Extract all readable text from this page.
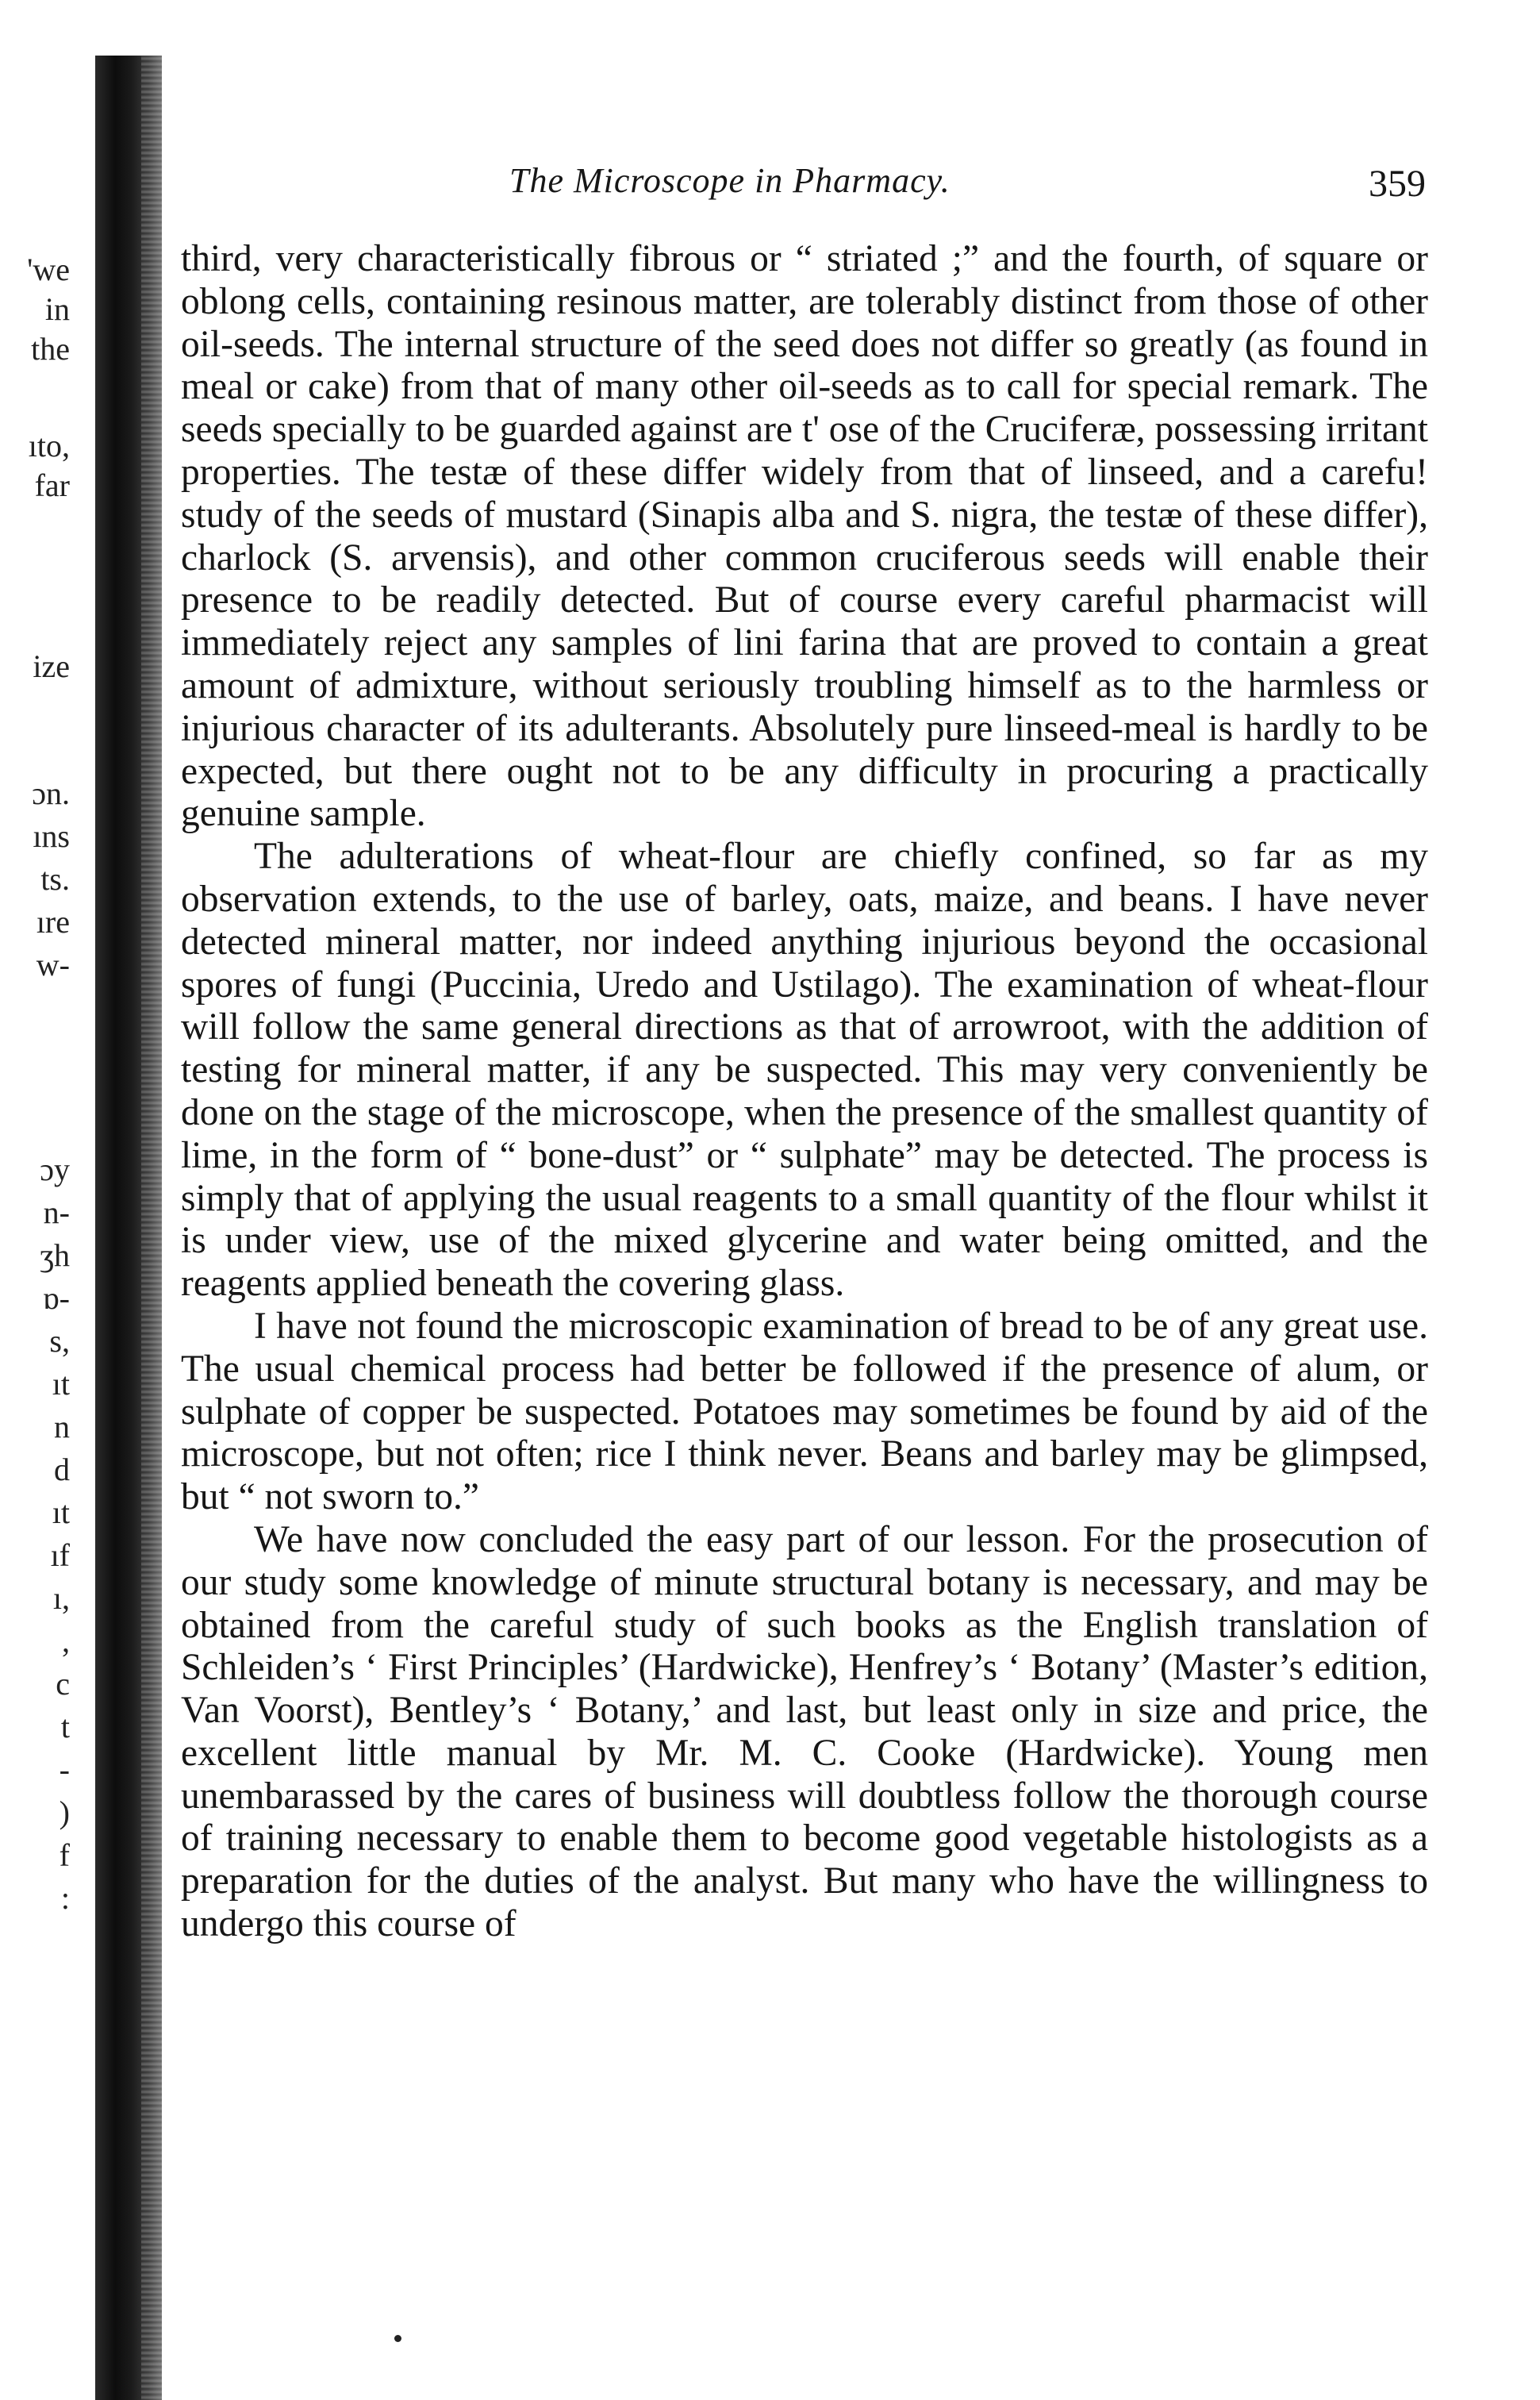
'we
in
the
ıto,
far
ize
ɔn.
ıns
ts.
ıre
w-
ɔy
n-
ʒh
ɒ-
s,
ıt
n
d
ıt
ıf
ı,
,
c
t
-
)
f
:
The Microscope in Pharmacy.	359

third, very characteristically fibrous or “ striated ;” and the fourth, of square or oblong cells, containing resinous matter, are tolerably distinct from those of other oil-seeds. The internal structure of the seed does not differ so greatly (as found in meal or cake) from that of many other oil-seeds as to call for special remark. The seeds specially to be guarded against are t' ose of the Cruciferæ, possessing irritant properties. The testæ of these differ widely from that of linseed, and a carefu! study of the seeds of mustard (Sinapis alba and S. nigra, the testæ of these differ), charlock (S. arvensis), and other common cruciferous seeds will enable their presence to be readily detected. But of course every careful pharmacist will immediately reject any samples of lini farina that are proved to contain a great amount of admixture, without seriously troubling himself as to the harmless or injurious character of its adulterants. Absolutely pure linseed-meal is hardly to be expected, but there ought not to be any difficulty in procuring a practically genuine sample.

The adulterations of wheat-flour are chiefly confined, so far as my observation extends, to the use of barley, oats, maize, and beans. I have never detected mineral matter, nor indeed anything injurious beyond the occasional spores of fungi (Puccinia, Uredo and Ustilago). The examination of wheat-flour will follow the same general directions as that of arrowroot, with the addition of testing for mineral matter, if any be suspected. This may very conveniently be done on the stage of the microscope, when the presence of the smallest quantity of lime, in the form of “ bone-dust” or “ sulphate” may be detected. The process is simply that of applying the usual reagents to a small quantity of the flour whilst it is under view, use of the mixed glycerine and water being omitted, and the reagents applied beneath the covering glass.

I have not found the microscopic examination of bread to be of any great use. The usual chemical process had better be followed if the presence of alum, or sulphate of copper be suspected. Potatoes may sometimes be found by aid of the microscope, but not often; rice I think never. Beans and barley may be glimpsed, but “ not sworn to.”

We have now concluded the easy part of our lesson. For the prosecution of our study some knowledge of minute structural botany is necessary, and may be obtained from the careful study of such books as the English translation of Schleiden’s ‘ First Principles’ (Hardwicke), Henfrey’s ‘ Botany’ (Master’s edition, Van Voorst), Bentley’s ‘ Botany,’ and last, but least only in size and price, the excellent little manual by Mr. M. C. Cooke (Hardwicke). Young men unembarassed by the cares of business will doubtless follow the thorough course of training necessary to enable them to become good vegetable histologists as a preparation for the duties of the analyst. But many who have the willingness to undergo this course of
